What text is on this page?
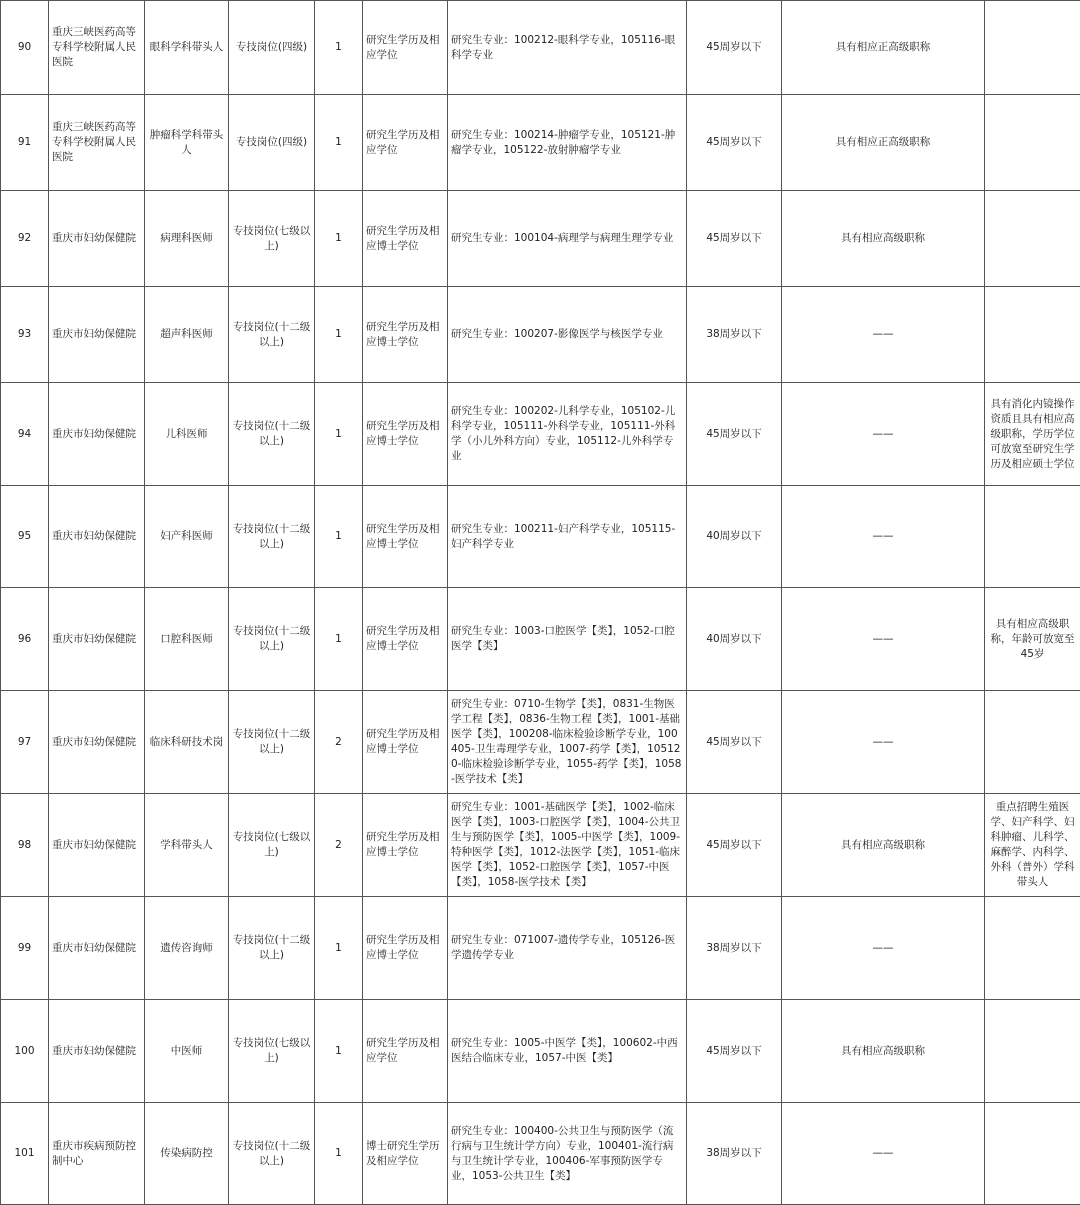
90	重庆三峡医药高等专科学校附属人民医院	眼科学科带头人	专技岗位(四级)	1	研究生学历及相应学位	研究生专业：100212-眼科学专业，105116-眼科学专业	45周岁以下	具有相应正高级职称	
91	重庆三峡医药高等专科学校附属人民医院	肿瘤科学科带头人	专技岗位(四级)	1	研究生学历及相应学位	研究生专业：100214-肿瘤学专业，105121-肿瘤学专业，105122-放射肿瘤学专业	45周岁以下	具有相应正高级职称	
92	重庆市妇幼保健院	病理科医师	专技岗位(七级以上)	1	研究生学历及相应博士学位	研究生专业：100104-病理学与病理生理学专业	45周岁以下	具有相应高级职称	
93	重庆市妇幼保健院	超声科医师	专技岗位(十二级以上)	1	研究生学历及相应博士学位	研究生专业：100207-影像医学与核医学专业	38周岁以下	——	
94	重庆市妇幼保健院	儿科医师	专技岗位(十二级以上)	1	研究生学历及相应博士学位	研究生专业：100202-儿科学专业，105102-儿科学专业，105111-外科学专业，105111-外科学（小儿外科方向）专业，105112-儿外科学专业	45周岁以下	——	具有消化内镜操作资质且具有相应高级职称，学历学位可放宽至研究生学历及相应硕士学位
95	重庆市妇幼保健院	妇产科医师	专技岗位(十二级以上)	1	研究生学历及相应博士学位	研究生专业：100211-妇产科学专业，105115-妇产科学专业	40周岁以下	——	
96	重庆市妇幼保健院	口腔科医师	专技岗位(十二级以上)	1	研究生学历及相应博士学位	研究生专业：1003-口腔医学【类】，1052-口腔医学【类】	40周岁以下	——	具有相应高级职称，年龄可放宽至45岁
97	重庆市妇幼保健院	临床科研技术岗	专技岗位(十二级以上)	2	研究生学历及相应博士学位	研究生专业：0710-生物学【类】，0831-生物医学工程【类】，0836-生物工程【类】，1001-基础医学【类】，100208-临床检验诊断学专业，100405-卫生毒理学专业，1007-药学【类】，105120-临床检验诊断学专业，1055-药学【类】，1058-医学技术【类】	45周岁以下	——	
98	重庆市妇幼保健院	学科带头人	专技岗位(七级以上)	2	研究生学历及相应博士学位	研究生专业：1001-基础医学【类】，1002-临床医学【类】，1003-口腔医学【类】，1004-公共卫生与预防医学【类】，1005-中医学【类】，1009-特种医学【类】，1012-法医学【类】，1051-临床医学【类】，1052-口腔医学【类】，1057-中医【类】，1058-医学技术【类】	45周岁以下	具有相应高级职称	重点招聘生殖医学、妇产科学、妇科肿瘤、儿科学、麻醉学、内科学、外科（普外）学科带头人
99	重庆市妇幼保健院	遗传咨询师	专技岗位(十二级以上)	1	研究生学历及相应博士学位	研究生专业：071007-遗传学专业，105126-医学遗传学专业	38周岁以下	——	
100	重庆市妇幼保健院	中医师	专技岗位(七级以上)	1	研究生学历及相应学位	研究生专业：1005-中医学【类】，100602-中西医结合临床专业，1057-中医【类】	45周岁以下	具有相应高级职称	
101	重庆市疾病预防控制中心	传染病防控	专技岗位(十二级以上)	1	博士研究生学历及相应学位	研究生专业：100400-公共卫生与预防医学（流行病与卫生统计学方向）专业，100401-流行病与卫生统计学专业，100406-军事预防医学专业，1053-公共卫生【类】	38周岁以下	——	
